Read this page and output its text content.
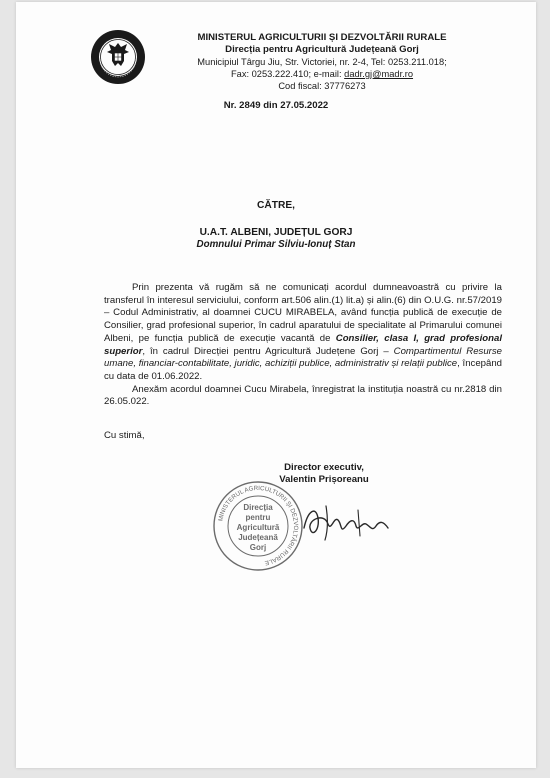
MINISTERUL AGRICULTURII ȘI DEZVOLTĂRII RURALE
Direcția pentru Agricultură Județeană Gorj
Municipiul Târgu Jiu, Str. Victoriei, nr. 2-4, Tel: 0253.211.018;
Fax: 0253.222.410; e-mail: dadr.gj@madr.ro
Cod fiscal: 37776273
Nr. 2849 din 27.05.2022
CĂTRE,
U.A.T. ALBENI, JUDEȚUL GORJ
Domnului Primar Silviu-Ionuț Stan

Prin prezenta vă rugăm să ne comunicați acordul dumneavoastră cu privire la transferul în interesul serviciului, conform art.506 alin.(1) lit.a) și alin.(6) din O.U.G. nr.57/2019 – Codul Administrativ, al doamnei CUCU MIRABELA, având funcția publică de execuție de Consilier, grad profesional superior, în cadrul aparatului de specialitate al Primarului comunei Albeni, pe funcția publică de execuție vacantă de Consilier, clasa I, grad profesional superior, în cadrul Direcției pentru Agricultură Județene Gorj – Compartimentul Resurse umane, financiar-contabilitate, juridic, achiziții publice, administrativ și relații publice, începând cu data de 01.06.2022.

Anexăm acordul doamnei Cucu Mirabela, înregistrat la instituția noastră cu nr.2818 din 26.05.022.

Cu stimă,
Director executiv,
Valentin Prișoreanu
MINISTERUL AGRICULTURII ȘI DEZVOLTĂRII RURALE
Direcția
pentru
Agricultură
Județeană
Gorj
